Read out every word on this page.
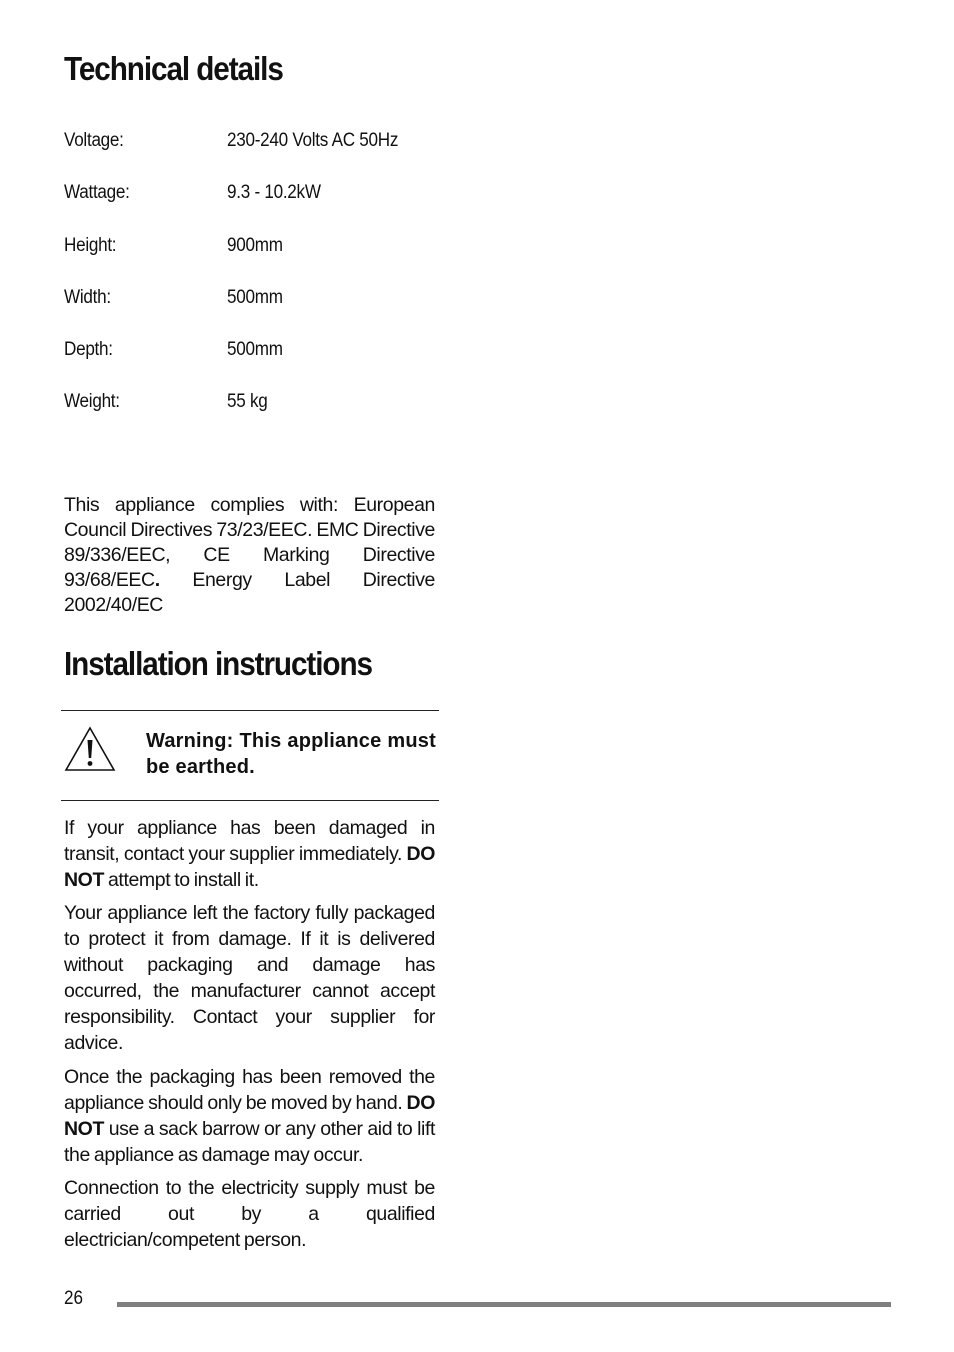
Technical details
Voltage:	230-240 Volts AC 50Hz
Wattage:	9.3 - 10.2kW
Height:	900mm
Width:	500mm
Depth:	500mm
Weight:	55 kg
This appliance complies with: European Council Directives 73/23/EEC. EMC Directive 89/336/EEC, CE Marking Directive 93/68/EEC. Energy Label Directive 2002/40/EC
Installation instructions
Warning: This appliance must be earthed.
If your appliance has been damaged in transit, contact your supplier immediately. DO NOT attempt to install it.
Your appliance left the factory fully packaged to protect it from damage. If it is delivered without packaging and damage has occurred, the manufacturer cannot accept responsibility. Contact your supplier for advice.
Once the packaging has been removed the appliance should only be moved by hand. DO NOT use a sack barrow or any other aid to lift the appliance as damage may occur.
Connection to the electricity supply must be carried out by a qualified electrician/competent person.
26
